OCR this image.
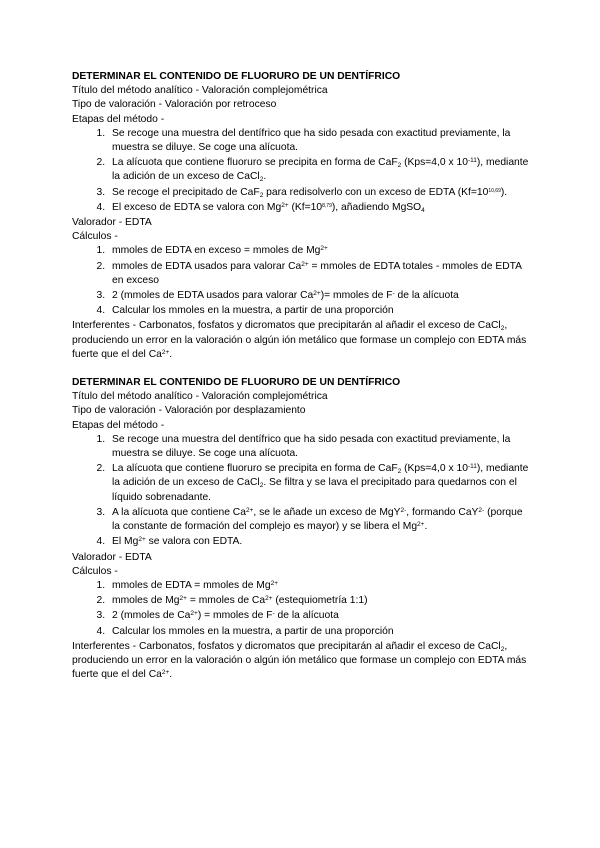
DETERMINAR EL CONTENIDO DE FLUORURO DE UN DENTÍFRICO
Título del método analítico - Valoración complejométrica
Tipo de valoración - Valoración por retroceso
Etapas del método -
1. Se recoge una muestra del dentífrico que ha sido pesada con exactitud previamente, la muestra se diluye. Se coge una alícuota.
2. La alícuota que contiene fluoruro se precipita en forma de CaF$_2$ (Kps=4,0 x $10^{-11}$), mediante la adición de un exceso de CaCl$_2$.
3. Se recoge el precipitado de CaF$_2$ para redisolverlo con un exceso de EDTA $(Kf=10^{10,69})$.
4. El exceso de EDTA se valora con $Mg^{2+}$ $(Kf=10^{8,79})$, añadiendo MgSO$_4$
Valorador - EDTA
Cálculos -
1. mmoles de EDTA en exceso = mmoles de $Mg^{2+}$
2. mmoles de EDTA usados para valorar $Ca^{2+}$ = mmoles de EDTA totales - mmoles de EDTA en exceso
3. 2 (mmoles de EDTA usados para valorar $Ca^{2+})=$ mmoles de F- de la alícuota
4. Calcular los mmoles en la muestra, a partir de una proporción
Interferentes - Carbonatos, fosfatos y dicromatos que precipitarán al añadir el exceso de CaCl$_2$, produciendo un error en la valoración o algún ión metálico que formase un complejo con EDTA más fuerte que el del $Ca^{2+}$.
DETERMINAR EL CONTENIDO DE FLUORURO DE UN DENTÍFRICO
Título del método analítico - Valoración complejométrica
Tipo de valoración - Valoración por desplazamiento
Etapas del método -
1. Se recoge una muestra del dentífrico que ha sido pesada con exactitud previamente, la muestra se diluye. Se coge una alícuota.
2. La alícuota que contiene fluoruro se precipita en forma de CaF$_2$ (Kps=4,0 x $10^{-11}$), mediante la adición de un exceso de CaCl$_2$. Se filtra y se lava el precipitado para quedarnos con el líquido sobrenadante.
3. A la alícuota que contiene $Ca^{2+}$, se le añade un exceso de MgY$^{2-}$, formando CaY$^{2-}$ (porque la constante de formación del complejo es mayor) y se libera el $Mg^{2+}$.
4. El $Mg^{2+}$ se valora con EDTA.
Valorador - EDTA
Cálculos -
1. mmoles de EDTA = mmoles de $Mg^{2+}$
2. mmoles de $Mg^{2+}$ = mmoles de $Ca^{2+}$ (estequiometría 1:1)
3. 2 (mmoles de $Ca^{2+}$) = mmoles de F- de la alícuota
4. Calcular los mmoles en la muestra, a partir de una proporción
Interferentes - Carbonatos, fosfatos y dicromatos que precipitarán al añadir el exceso de CaCl$_2$, produciendo un error en la valoración o algún ión metálico que formase un complejo con EDTA más fuerte que el del $Ca^{2+}$.
